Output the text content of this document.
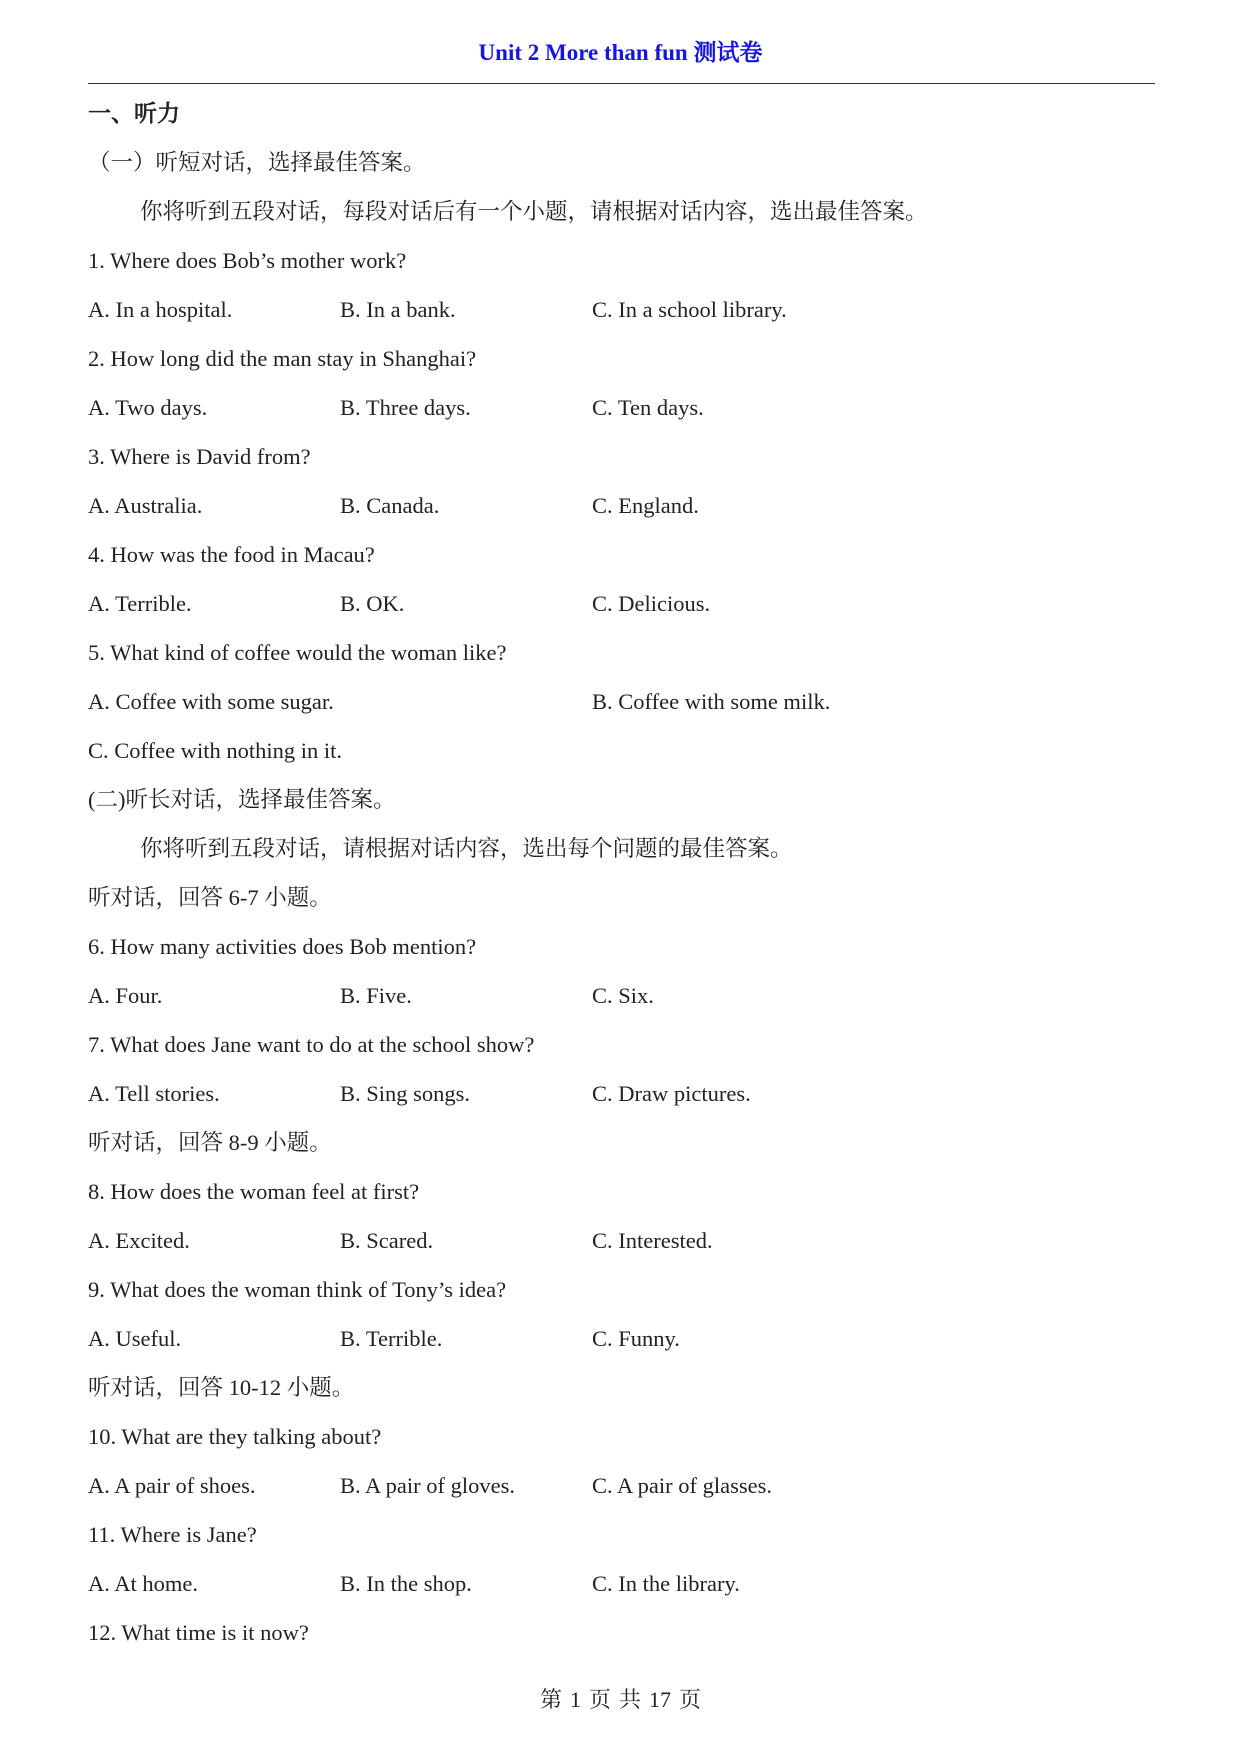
Unit 2 More than fun 测试卷
一、听力
（一）听短对话，选择最佳答案。
你将听到五段对话，每段对话后有一个小题，请根据对话内容，选出最佳答案。
1. Where does Bob’s mother work?
A. In a hospital.	B. In a bank.	C. In a school library.
2. How long did the man stay in Shanghai?
A. Two days.	B. Three days.	C. Ten days.
3. Where is David from?
A. Australia.	B. Canada.	C. England.
4. How was the food in Macau?
A. Terrible.	B. OK.	C. Delicious.
5. What kind of coffee would the woman like?
A. Coffee with some sugar.	B. Coffee with some milk.
C. Coffee with nothing in it.
(二)听长对话，选择最佳答案。
你将听到五段对话，请根据对话内容，选出每个问题的最佳答案。
听对话，回答 6-7 小题。
6. How many activities does Bob mention?
A. Four.	B. Five.	C. Six.
7. What does Jane want to do at the school show?
A. Tell stories.	B. Sing songs.	C. Draw pictures.
听对话，回答 8-9 小题。
8. How does the woman feel at first?
A. Excited.	B. Scared.	C. Interested.
9. What does the woman think of Tony’s idea?
A. Useful.	B. Terrible.	C. Funny.
听对话，回答 10-12 小题。
10. What are they talking about?
A. A pair of shoes.	B. A pair of gloves.	C. A pair of glasses.
11. Where is Jane?
A. At home.	B. In the shop.	C. In the library.
12. What time is it now?
第 1 页 共 17 页
